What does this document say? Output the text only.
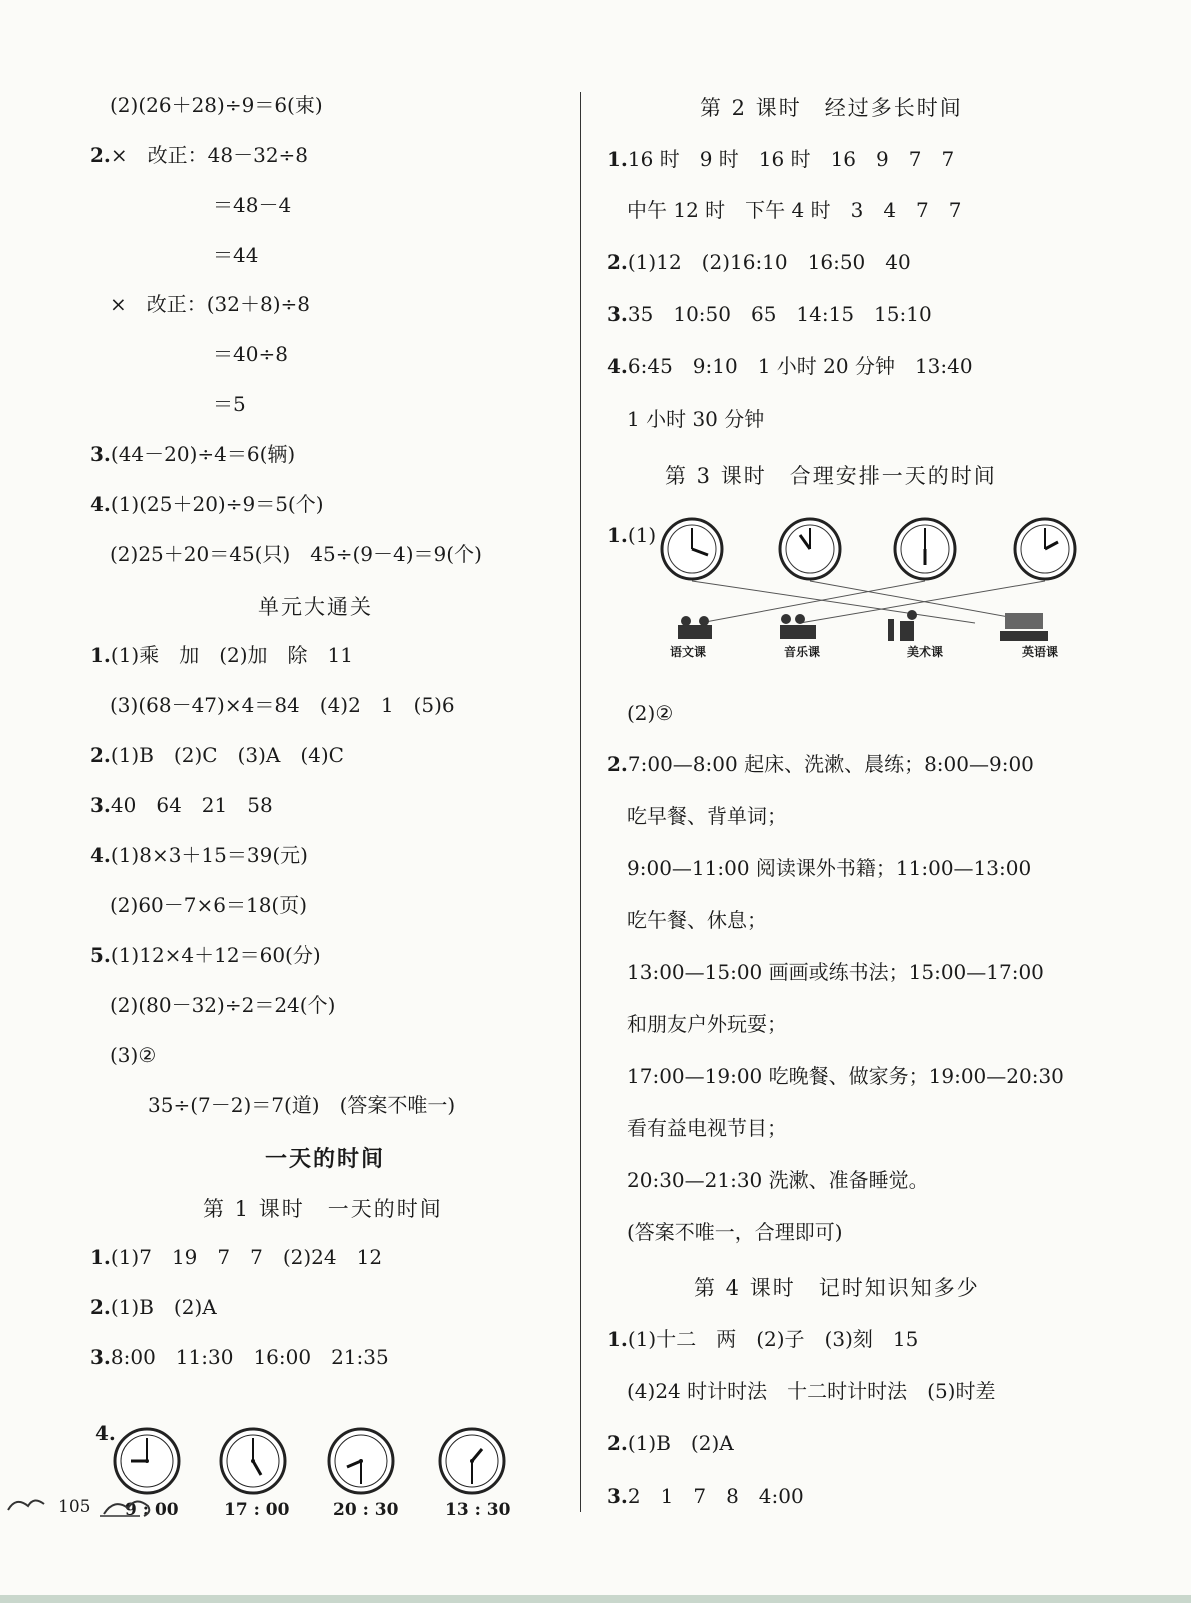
(2)(26＋28)÷9＝6(束)
2.×　改正：48－32÷8
＝48－4
＝44
×　改正：(32＋8)÷8
＝40÷8
＝5
3.(44－20)÷4＝6(辆)
4.(1)(25＋20)÷9＝5(个)
(2)25＋20＝45(只)　45÷(9－4)＝9(个)
单元大通关
1.(1)乘　加　(2)加　除　11
(3)(68－47)×4＝84　(4)2　1　(5)6
2.(1)B　(2)C　(3)A　(4)C
3.40　64　21　58
4.(1)8×3＋15＝39(元)
(2)60－7×6＝18(页)
5.(1)12×4＋12＝60(分)
(2)(80－32)÷2＝24(个)
(3)②
35÷(7－2)＝7(道)　(答案不唯一)
一天的时间
第 1 课时　一天的时间
1.(1)7　19　7　7　(2)24　12
2.(1)B　(2)A
3.8:00　11:30　16:00　21:35
4.
9 : 00	17 : 00	20 : 30	13 : 30
第 2 课时　经过多长时间
1.16 时　9 时　16 时　16　9　7　7
中午 12 时　下午 4 时　3　4　7　7
2.(1)12　(2)16:10　16:50　40
3.35　10:50　65　14:15　15:10
4.6:45　9:10　1 小时 20 分钟　13:40
1 小时 30 分钟
第 3 课时　合理安排一天的时间
1.(1)
语文课	音乐课	美术课	英语课
(2)②
2.7:00—8:00 起床、洗漱、晨练；8:00—9:00
吃早餐、背单词；
9:00—11:00 阅读课外书籍；11:00—13:00
吃午餐、休息；
13:00—15:00 画画或练书法；15:00—17:00
和朋友户外玩耍；
17:00—19:00 吃晚餐、做家务；19:00—20:30
看有益电视节目；
20:30—21:30 洗漱、准备睡觉。
(答案不唯一，合理即可)
第 4 课时　记时知识知多少
1.(1)十二　两　(2)子　(3)刻　15
(4)24 时计时法　十二时计时法　(5)时差
2.(1)B　(2)A
3.2　1　7　8　4:00
105
